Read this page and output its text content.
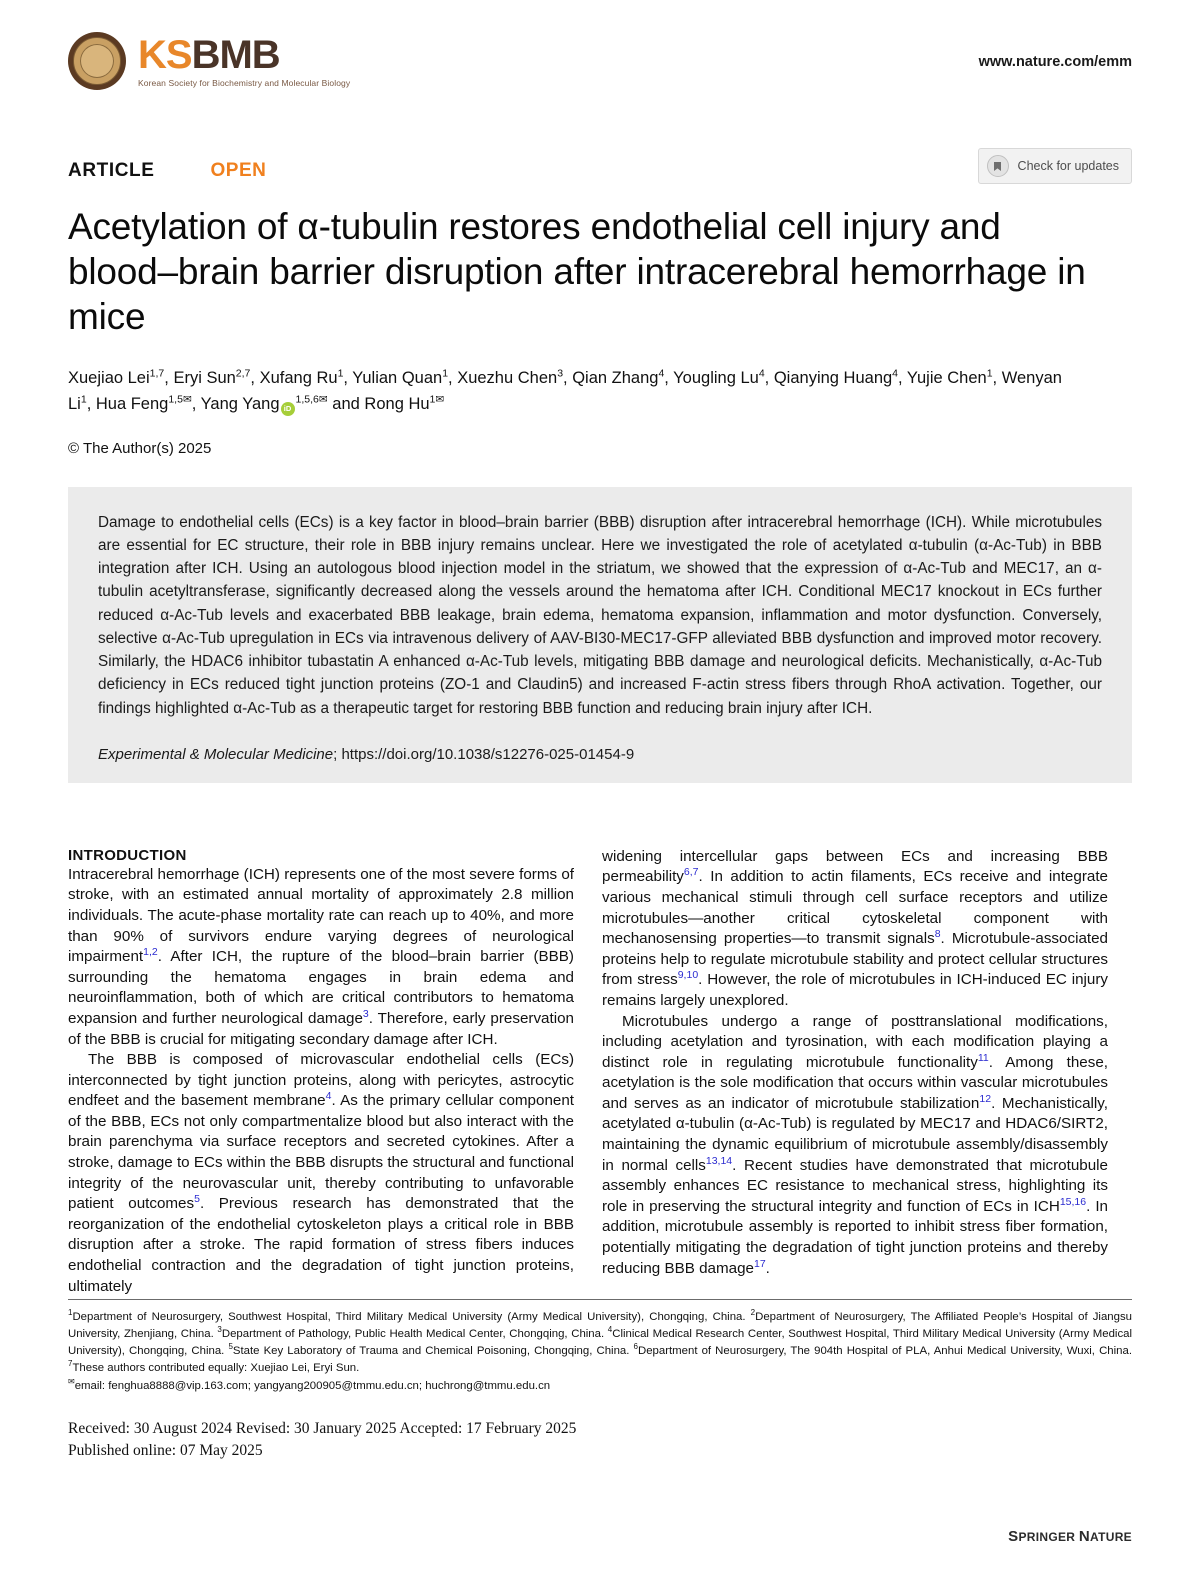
KSBMB
Korean Society for Biochemistry and Molecular Biology
www.nature.com/emm
ARTICLE	OPEN	Check for updates
Acetylation of α-tubulin restores endothelial cell injury and blood–brain barrier disruption after intracerebral hemorrhage in mice
Xuejiao Lei$^{1,7}$, Eryi Sun$^{2,7}$, Xufang Ru$^1$, Yulian Quan$^1$, Xuezhu Chen$^3$, Qian Zhang$^4$, Yougling Lu$^4$, Qianying Huang$^4$, Yujie Chen$^1$, Wenyan Li$^1$, Hua Feng$^{1,5✉}$, Yang Yang $iD^{1,5,6✉}$ and Rong $Hu^{1✉}$
© The Author(s) 2025

Damage to endothelial cells (ECs) is a key factor in blood–brain barrier (BBB) disruption after intracerebral hemorrhage (ICH). While microtubules are essential for EC structure, their role in BBB injury remains unclear. Here we investigated the role of acetylated α-tubulin (α-Ac-Tub) in BBB integration after ICH. Using an autologous blood injection model in the striatum, we showed that the expression of α-Ac-Tub and MEC17, an α-tubulin acetyltransferase, significantly decreased along the vessels around the hematoma after ICH. Conditional MEC17 knockout in ECs further reduced α-Ac-Tub levels and exacerbated BBB leakage, brain edema, hematoma expansion, inflammation and motor dysfunction. Conversely, selective α-Ac-Tub upregulation in ECs via intravenous delivery of AAV-BI30-MEC17-GFP alleviated BBB dysfunction and improved motor recovery. Similarly, the HDAC6 inhibitor tubastatin A enhanced α-Ac-Tub levels, mitigating BBB damage and neurological deficits. Mechanistically, α-Ac-Tub deficiency in ECs reduced tight junction proteins (ZO-1 and Claudin5) and increased F-actin stress fibers through RhoA activation. Together, our findings highlighted α-Ac-Tub as a therapeutic target for restoring BBB function and reducing brain injury after ICH.

Experimental & Molecular Medicine; https://doi.org/10.1038/s12276-025-01454-9

INTRODUCTION

Intracerebral hemorrhage (ICH) represents one of the most severe forms of stroke, with an estimated annual mortality of approximately 2.8 million individuals. The acute-phase mortality rate can reach up to 40%, and more than 90% of survivors endure varying degrees of neurological impairment$^{1,2}$. After ICH, the rupture of the blood–brain barrier (BBB) surrounding the hematoma engages in brain edema and neuroinflammation, both of which are critical contributors to hematoma expansion and further neurological damage$^3$. Therefore, early preservation of the BBB is crucial for mitigating secondary damage after ICH.

The BBB is composed of microvascular endothelial cells (ECs) interconnected by tight junction proteins, along with pericytes, astrocytic endfeet and the basement membrane$^4$. As the primary cellular component of the BBB, ECs not only compartmentalize blood but also interact with the brain parenchyma via surface receptors and secreted cytokines. After a stroke, damage to ECs within the BBB disrupts the structural and functional integrity of the neurovascular unit, thereby contributing to unfavorable patient outcomes$^5$. Previous research has demonstrated that the reorganization of the endothelial cytoskeleton plays a critical role in BBB disruption after a stroke. The rapid formation of stress fibers induces endothelial contraction and the degradation of tight junction proteins, ultimately

widening intercellular gaps between ECs and increasing BBB permeability$^{6,7}$. In addition to actin filaments, ECs receive and integrate various mechanical stimuli through cell surface receptors and utilize microtubules—another critical cytoskeletal component with mechanosensing properties—to transmit signals$^8$. Microtubule-associated proteins help to regulate microtubule stability and protect cellular structures from stress$^{9,10}$. However, the role of microtubules in ICH-induced EC injury remains largely unexplored.

Microtubules undergo a range of posttranslational modifications, including acetylation and tyrosination, with each modification playing a distinct role in regulating microtubule functionality$^{11}$. Among these, acetylation is the sole modification that occurs within vascular microtubules and serves as an indicator of microtubule stabilization$^{12}$. Mechanistically, acetylated α-tubulin (α-Ac-Tub) is regulated by MEC17 and HDAC6/SIRT2, maintaining the dynamic equilibrium of microtubule assembly/disassembly in normal cells$^{13,14}$. Recent studies have demonstrated that microtubule assembly enhances EC resistance to mechanical stress, highlighting its role in preserving the structural integrity and function of ECs in ICH$^{15,16}$. In addition, microtubule assembly is reported to inhibit stress fiber formation, potentially mitigating the degradation of tight junction proteins and thereby reducing BBB damage$^{17}$.

$^1$Department of Neurosurgery, Southwest Hospital, Third Military Medical University (Army Medical University), Chongqing, China. $^2$Department of Neurosurgery, The Affiliated People’s Hospital of Jiangsu University, Zhenjiang, China. $^3$Department of Pathology, Public Health Medical Center, Chongqing, China. $^4$Clinical Medical Research Center, Southwest Hospital, Third Military Medical University (Army Medical University), Chongqing, China. $^5$State Key Laboratory of Trauma and Chemical Poisoning, Chongqing, China. $^6$Department of Neurosurgery, The 904th Hospital of PLA, Anhui Medical University, Wuxi, China. $^7$These authors contributed equally: Xuejiao Lei, Eryi Sun.

✉email: fenghua8888@vip.163.com; yangyang200905@tmmu.edu.cn; huchrong@tmmu.edu.cn

Received: 30 August 2024 Revised: 30 January 2025 Accepted: 17 February 2025
Published online: 07 May 2025
SPRINGER NATURE
